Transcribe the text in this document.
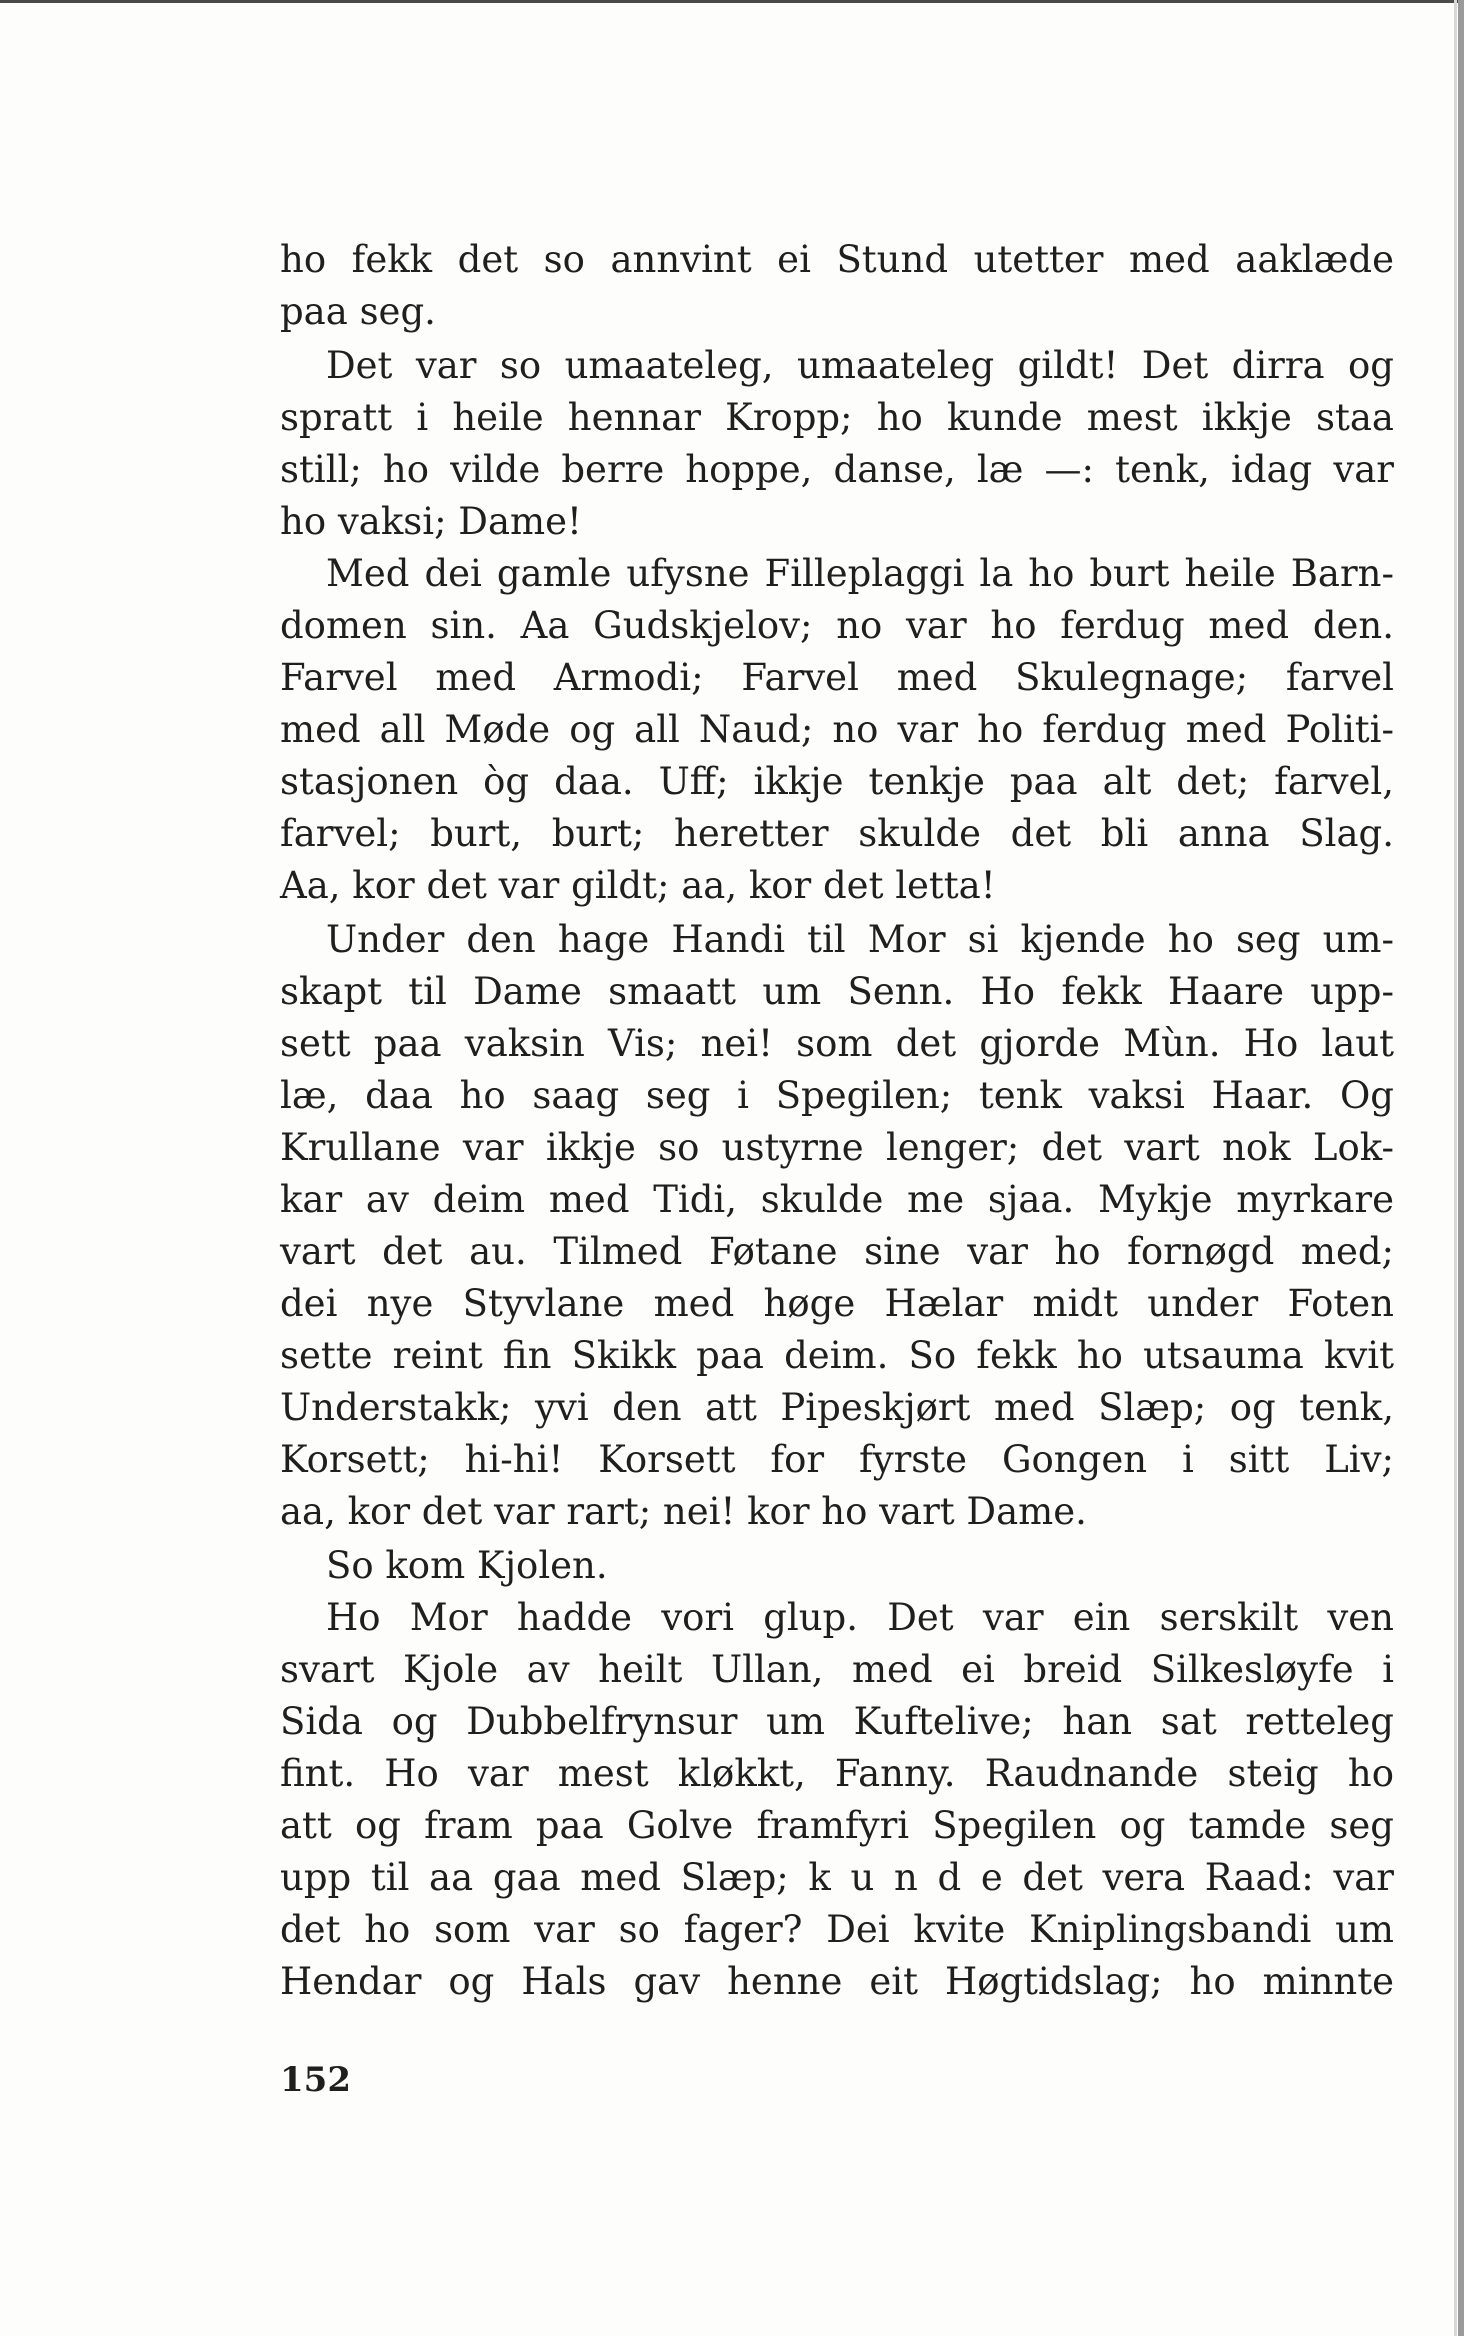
ho fekk det so annvint ei Stund utetter med aaklæde
paa seg.
Det var so umaateleg, umaateleg gildt! Det dirra og
spratt i heile hennar Kropp; ho kunde mest ikkje staa
still; ho vilde berre hoppe, danse, læ —: tenk, idag var
ho vaksi; Dame!
Med dei gamle ufysne Filleplaggi la ho burt heile Barn-
domen sin. Aa Gudskjelov; no var ho ferdug med den.
Farvel med Armodi; Farvel med Skulegnage; farvel
med all Møde og all Naud; no var ho ferdug med Politi-
stasjonen òg daa. Uff; ikkje tenkje paa alt det; farvel,
farvel; burt, burt; heretter skulde det bli anna Slag.
Aa, kor det var gildt; aa, kor det letta!
Under den hage Handi til Mor si kjende ho seg um-
skapt til Dame smaatt um Senn. Ho fekk Haare upp-
sett paa vaksin Vis; nei! som det gjorde Mùn. Ho laut
læ, daa ho saag seg i Spegilen; tenk vaksi Haar. Og
Krullane var ikkje so ustyrne lenger; det vart nok Lok-
kar av deim med Tidi, skulde me sjaa. Mykje myrkare
vart det au. Tilmed Føtane sine var ho fornøgd med;
dei nye Styvlane med høge Hælar midt under Foten
sette reint fin Skikk paa deim. So fekk ho utsauma kvit
Understakk; yvi den att Pipeskjørt med Slæp; og tenk,
Korsett; hi-hi! Korsett for fyrste Gongen i sitt Liv;
aa, kor det var rart; nei! kor ho vart Dame.
So kom Kjolen.
Ho Mor hadde vori glup. Det var ein serskilt ven
svart Kjole av heilt Ullan, med ei breid Silkesløyfe i
Sida og Dubbelfrynsur um Kuftelive; han sat retteleg
fint. Ho var mest kløkkt, Fanny. Raudnande steig ho
att og fram paa Golve framfyri Spegilen og tamde seg
upp til aa gaa med Slæp; k u n d e det vera Raad: var
det ho som var so fager? Dei kvite Kniplingsbandi um
Hendar og Hals gav henne eit Høgtidslag; ho minnte
152
